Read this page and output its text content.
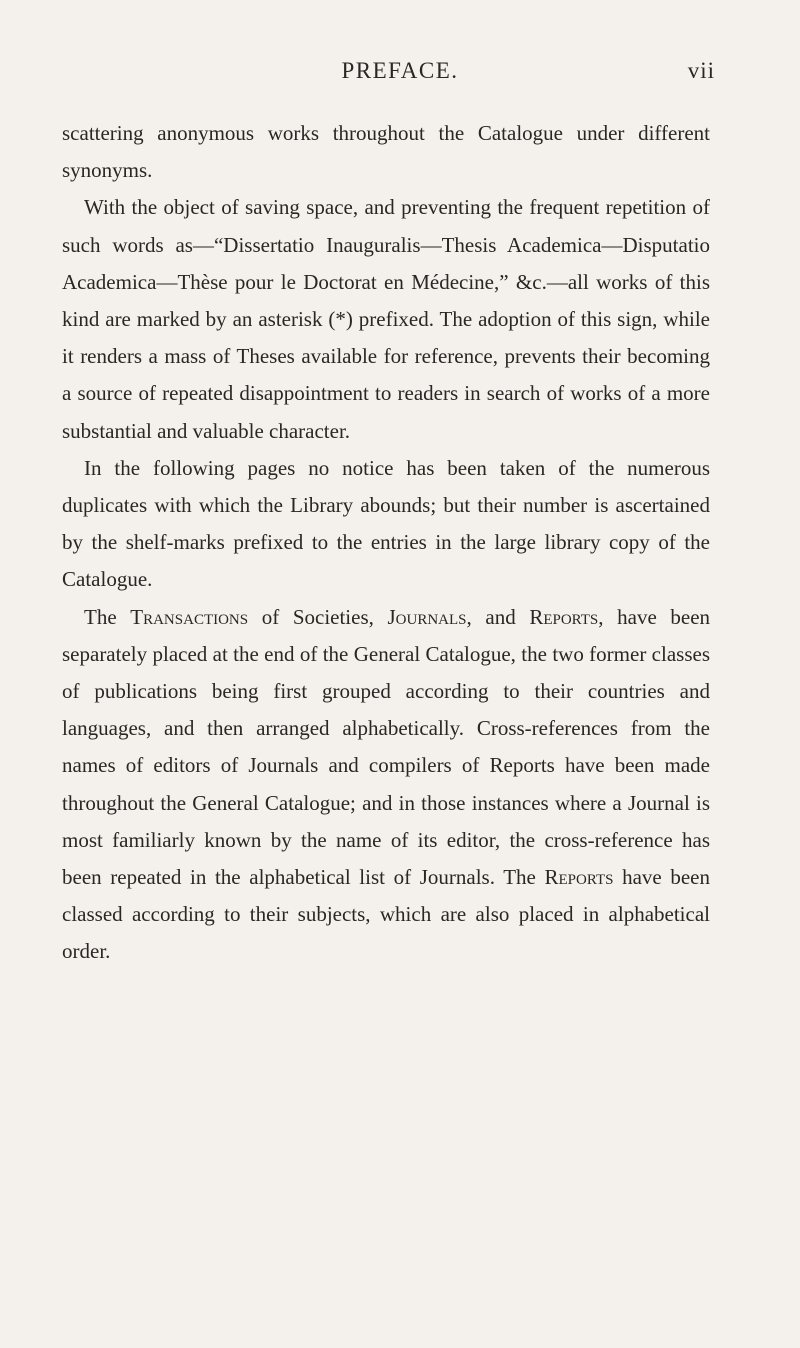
PREFACE.	vii

scattering anonymous works throughout the Catalogue under different synonyms.

With the object of saving space, and preventing the frequent repetition of such words as—“Dissertatio Inauguralis—Thesis Academica—Disputatio Academica—Thèse pour le Doctorat en Médecine,” &c.—all works of this kind are marked by an asterisk (*) prefixed. The adoption of this sign, while it renders a mass of Theses available for reference, prevents their becoming a source of repeated disappointment to readers in search of works of a more substantial and valuable character.

In the following pages no notice has been taken of the numerous duplicates with which the Library abounds; but their number is ascertained by the shelf-marks prefixed to the entries in the large library copy of the Catalogue.

The Transactions of Societies, Journals, and Reports, have been separately placed at the end of the General Catalogue, the two former classes of publications being first grouped according to their countries and languages, and then arranged alphabetically. Cross-references from the names of editors of Journals and compilers of Reports have been made throughout the General Catalogue; and in those instances where a Journal is most familiarly known by the name of its editor, the cross-reference has been repeated in the alphabetical list of Journals. The Reports have been classed according to their subjects, which are also placed in alphabetical order.
